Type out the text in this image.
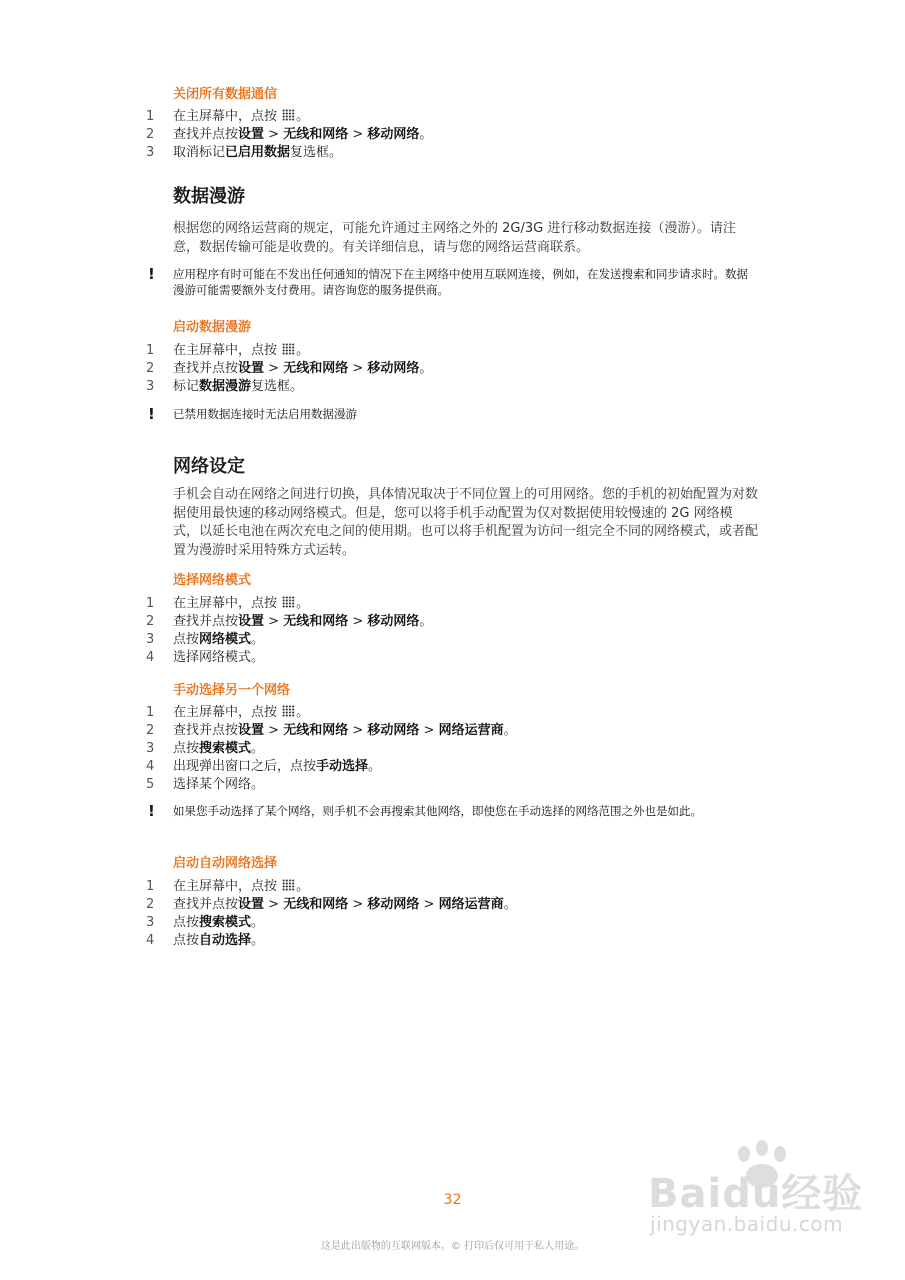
关闭所有数据通信
1	在主屏幕中，点按 。
2	查找并点按设置 > 无线和网络 > 移动网络。
3	取消标记已启用数据复选框。
数据漫游
根据您的网络运营商的规定，可能允许通过主网络之外的 2G/3G 进行移动数据连接（漫游）。请注意，数据传输可能是收费的。有关详细信息，请与您的网络运营商联系。
! 应用程序有时可能在不发出任何通知的情况下在主网络中使用互联网连接，例如，在发送搜索和同步请求时。数据漫游可能需要额外支付费用。请咨询您的服务提供商。
启动数据漫游
1	在主屏幕中，点按 。
2	查找并点按设置 > 无线和网络 > 移动网络。
3	标记数据漫游复选框。
! 已禁用数据连接时无法启用数据漫游
网络设定
手机会自动在网络之间进行切换，具体情况取决于不同位置上的可用网络。您的手机的初始配置为对数据使用最快速的移动网络模式。但是，您可以将手机手动配置为仅对数据使用较慢速的 2G 网络模式，以延长电池在两次充电之间的使用期。也可以将手机配置为访问一组完全不同的网络模式，或者配置为漫游时采用特殊方式运转。
选择网络模式
1	在主屏幕中，点按 。
2	查找并点按设置 > 无线和网络 > 移动网络。
3	点按网络模式。
4	选择网络模式。
手动选择另一个网络
1	在主屏幕中，点按 。
2	查找并点按设置 > 无线和网络 > 移动网络 > 网络运营商。
3	点按搜索模式。
4	出现弹出窗口之后，点按手动选择。
5	选择某个网络。
! 如果您手动选择了某个网络，则手机不会再搜索其他网络，即使您在手动选择的网络范围之外也是如此。
启动自动网络选择
1	在主屏幕中，点按 。
2	查找并点按设置 > 无线和网络 > 移动网络 > 网络运营商。
3	点按搜索模式。
4	点按自动选择。
Baidu经验
jingyan.baidu.com
32
这是此出版物的互联网版本。© 打印后仅可用于私人用途。
